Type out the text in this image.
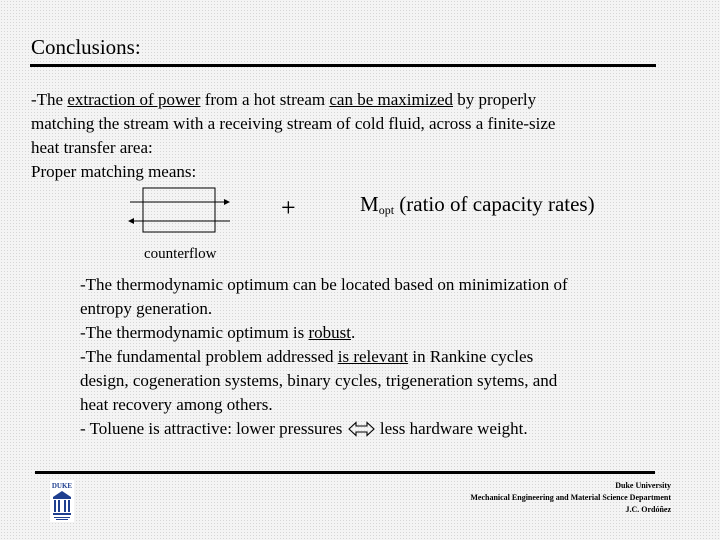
Conclusions:
-The extraction of power from a hot stream can be maximized by properly
matching the stream with a receiving stream of cold fluid, across a finite-size
heat transfer area:
Proper matching means:
+	$M_{opt}$ (ratio of capacity rates)
counterflow
-The thermodynamic optimum can be located based on minimization of
entropy generation.
-The thermodynamic optimum is robust.
-The fundamental problem addressed is relevant in Rankine cycles
design, cogeneration systems, binary cycles, trigeneration sytems, and
heat recovery among others.
- Toluene is attractive: lower pressures  less hardware weight.
DUKE	Duke University
Mechanical Engineering and Material Science Department
J.C. Ordóñez
